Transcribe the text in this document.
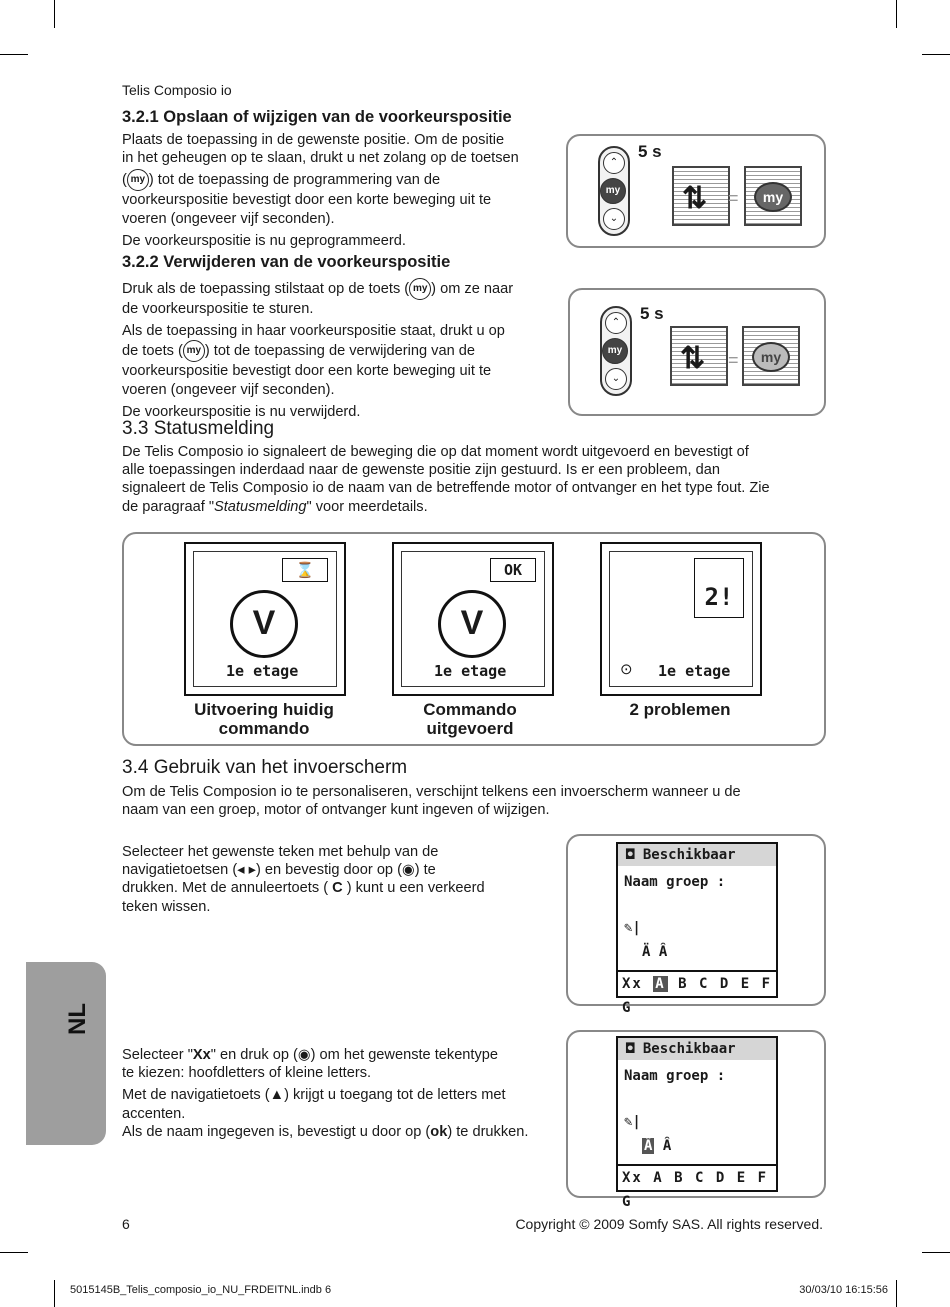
Telis Composio io
3.2.1 Opslaan of wijzigen van de voorkeurspositie

Plaats de toepassing in de gewenste positie. Om de positie

in het geheugen op te slaan, drukt u net zolang op de toetsen

( my ) tot de toepassing de programmering van de

voorkeurspositie bevestigt door een korte beweging uit te

voeren (ongeveer vijf seconden).

De voorkeurspositie is nu geprogrammeerd.

⌃
my
⌄
5 s
⇅ =	my
3.2.2 Verwijderen van de voorkeurspositie

Druk als de toepassing stilstaat op de toets ( my ) om ze naar

de voorkeurspositie te sturen.

Als de toepassing in haar voorkeurspositie staat, drukt u op

de toets ( my ) tot de toepassing de verwijdering van de

voorkeurspositie bevestigt door een korte beweging uit te

voeren (ongeveer vijf seconden).

De voorkeurspositie is nu verwijderd.

⌃
my
⌄
5 s
⇅ =	my
3.3 Statusmelding

De Telis Composio io signaleert de beweging die op dat moment wordt uitgevoerd en bevestigt of

alle toepassingen inderdaad naar de gewenste positie zijn gestuurd. Is er een probleem, dan

signaleert de Telis Composio io de naam van de betreffende motor of ontvanger en het type fout. Zie

de paragraaf "Statusmelding" voor meerdetails.

⌛
V
1e etage
OK
V
1e etage
2!
⊙ 1e etage
Uitvoering huidig
commando
Commando
uitgevoerd
2 problemen
3.4 Gebruik van het invoerscherm

Om de Telis Composion io te personaliseren, verschijnt telkens een invoerscherm wanneer u de

naam van een groep, motor of ontvanger kunt ingeven of wijzigen.

Selecteer het gewenste teken met behulp van de

navigatietoetsen (◂ ▸) en bevestig door op (◉) te

drukken. Met de annuleertoets ( C ) kunt u een verkeerd

teken wissen.

◘ Beschikbaar
Naam groep :
✎|
Ä Â
Xx A B C D E F G

Selecteer "Xx" en druk op (◉) om het gewenste tekentype

te kiezen: hoofdletters of kleine letters.

Met de navigatietoets (▲) krijgt u toegang tot de letters met

accenten.

Als de naam ingegeven is, bevestigt u door op (ok) te drukken.

◘ Beschikbaar
Naam groep :
✎|
Ä Â
Xx A B C D E F G
NL
6	Copyright © 2009 Somfy SAS. All rights reserved.
5015145B_Telis_composio_io_NU_FRDEITNL.indb 6	30/03/10 16:15:56
